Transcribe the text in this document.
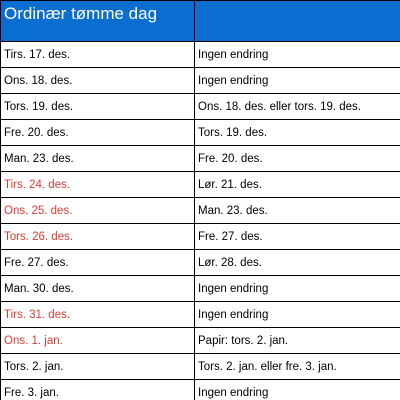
Ordinær tømme dag	
Tirs. 17. des.	Ingen endring
Ons. 18. des.	Ingen endring
Tors. 19. des.	Ons. 18. des. eller tors. 19. des.
Fre. 20. des.	Tors. 19. des.
Man. 23. des.	Fre. 20. des.
Tirs. 24. des.	Lør. 21. des.
Ons. 25. des.	Man. 23. des.
Tors. 26. des.	Fre. 27. des.
Fre. 27. des.	Lør. 28. des.
Man. 30. des.	Ingen endring
Tirs. 31. des.	Ingen endring
Ons. 1. jan.	Papir: tors. 2. jan.
Tors. 2. jan.	Tors. 2. jan. eller fre. 3. jan.
Fre. 3. jan.	Ingen endring
